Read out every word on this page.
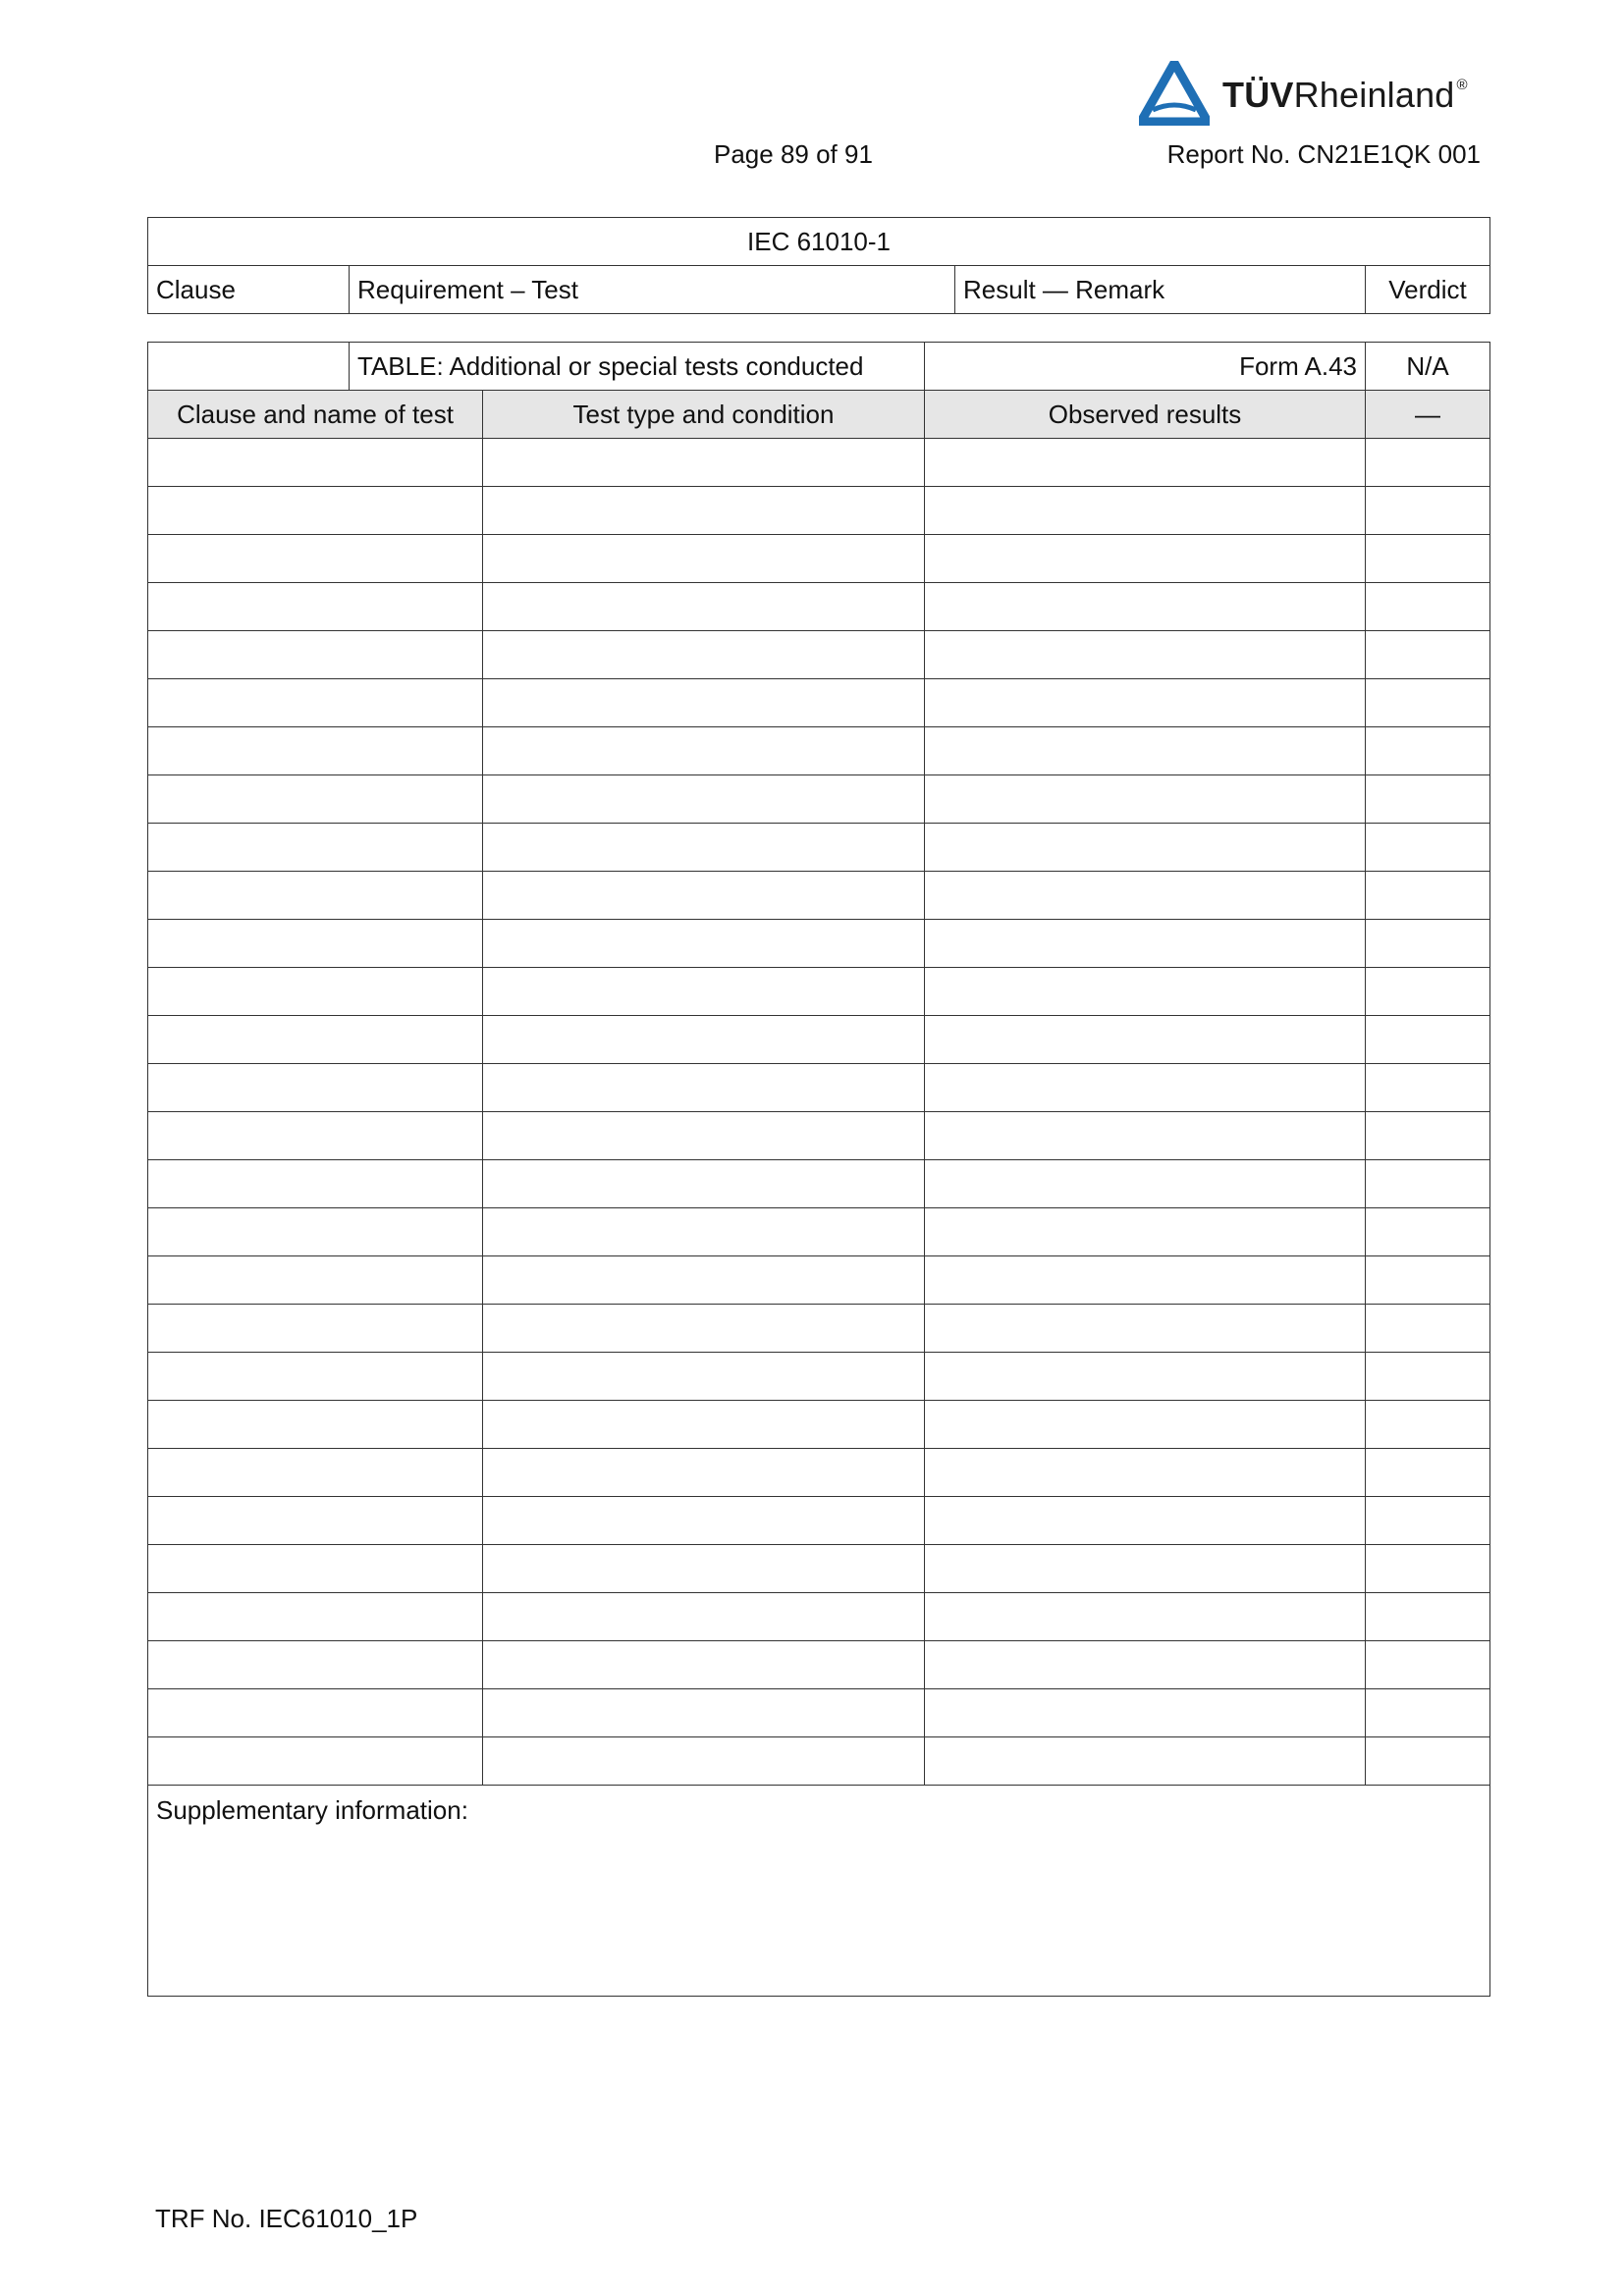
TÜVRheinland ®
Page 89 of 91	Report No. CN21E1QK 001
IEC 61010-1
Clause	Requirement – Test	Result — Remark	Verdict
	TABLE: Additional or special tests conducted		Form A.43	N/A
Clause and name of test		Test type and condition	Observed results	—

Supplementary information:				
TRF No. IEC61010_1P
